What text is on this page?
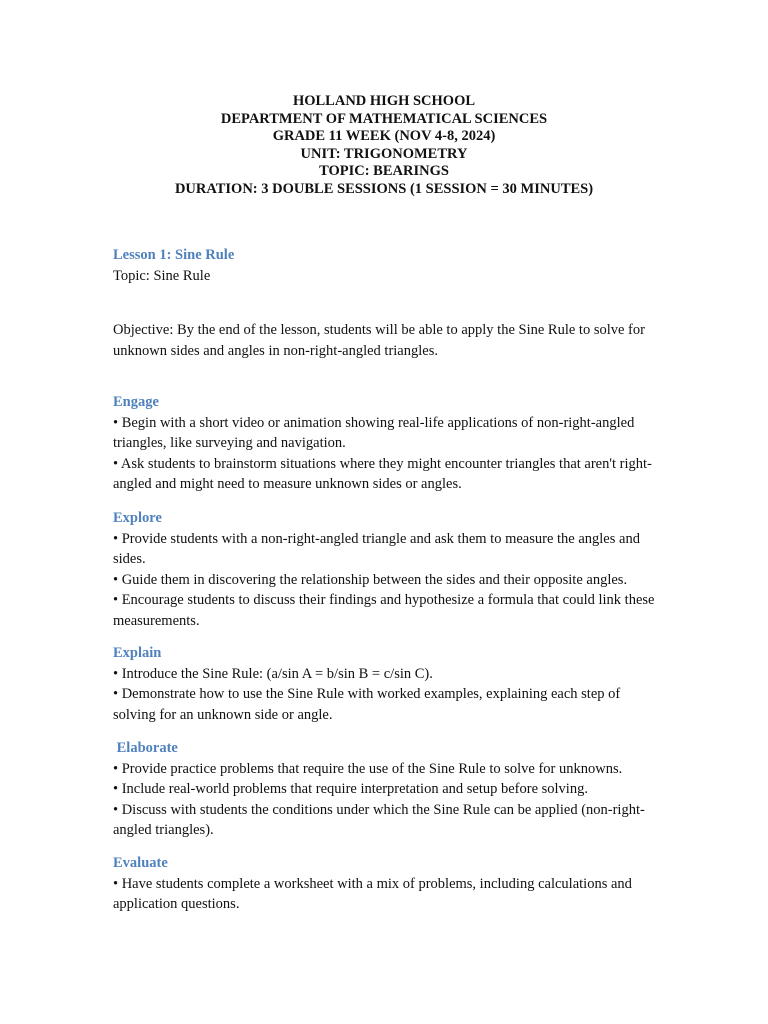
HOLLAND HIGH SCHOOL
DEPARTMENT OF MATHEMATICAL SCIENCES
GRADE 11 WEEK (NOV 4-8, 2024)
UNIT: TRIGONOMETRY
TOPIC: BEARINGS
DURATION: 3 DOUBLE SESSIONS (1 SESSION = 30 MINUTES)
Lesson 1: Sine Rule
Topic: Sine Rule
Objective: By the end of the lesson, students will be able to apply the Sine Rule to solve for unknown sides and angles in non-right-angled triangles.
Engage
• Begin with a short video or animation showing real-life applications of non-right-angled triangles, like surveying and navigation.
• Ask students to brainstorm situations where they might encounter triangles that aren't right-angled and might need to measure unknown sides or angles.
Explore
• Provide students with a non-right-angled triangle and ask them to measure the angles and sides.
• Guide them in discovering the relationship between the sides and their opposite angles.
• Encourage students to discuss their findings and hypothesize a formula that could link these measurements.
Explain
• Introduce the Sine Rule: (a/sin A = b/sin B = c/sin C).
• Demonstrate how to use the Sine Rule with worked examples, explaining each step of solving for an unknown side or angle.
Elaborate
• Provide practice problems that require the use of the Sine Rule to solve for unknowns.
• Include real-world problems that require interpretation and setup before solving.
• Discuss with students the conditions under which the Sine Rule can be applied (non-right-angled triangles).
Evaluate
• Have students complete a worksheet with a mix of problems, including calculations and application questions.
